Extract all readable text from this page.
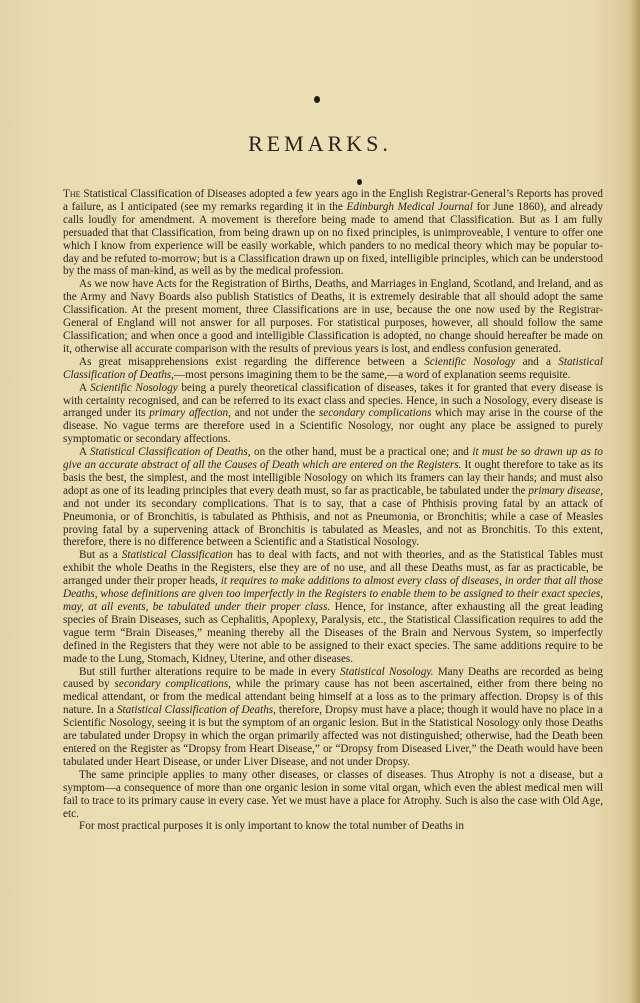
REMARKS.

The Statistical Classification of Diseases adopted a few years ago in the English Registrar-General’s Reports has proved a failure, as I anticipated (see my remarks regarding it in the Edinburgh Medical Journal for June 1860), and already calls loudly for amendment. A movement is therefore being made to amend that Classification. But as I am fully persuaded that that Classification, from being drawn up on no fixed principles, is unimproveable, I venture to offer one which I know from experience will be easily workable, which panders to no medical theory which may be popular to-day and be refuted to-morrow; but is a Classification drawn up on fixed, intelligible principles, which can be understood by the mass of man-kind, as well as by the medical profession.

As we now have Acts for the Registration of Births, Deaths, and Marriages in England, Scotland, and Ireland, and as the Army and Navy Boards also publish Statistics of Deaths, it is extremely desirable that all should adopt the same Classification. At the present moment, three Classifications are in use, because the one now used by the Registrar-General of England will not answer for all purposes. For statistical purposes, however, all should follow the same Classification; and when once a good and intelligible Classification is adopted, no change should hereafter be made on it, otherwise all accurate comparison with the results of previous years is lost, and endless confusion generated.

As great misapprehensions exist regarding the difference between a Scientific Nosology and a Statistical Classification of Deaths,—most persons imagining them to be the same,—a word of explanation seems requisite.

A Scientific Nosology being a purely theoretical classification of diseases, takes it for granted that every disease is with certainty recognised, and can be referred to its exact class and species. Hence, in such a Nosology, every disease is arranged under its primary affection, and not under the secondary complications which may arise in the course of the disease. No vague terms are therefore used in a Scientific Nosology, nor ought any place be assigned to purely symptomatic or secondary affections.

A Statistical Classification of Deaths, on the other hand, must be a practical one; and it must be so drawn up as to give an accurate abstract of all the Causes of Death which are entered on the Registers. It ought therefore to take as its basis the best, the simplest, and the most intelligible Nosology on which its framers can lay their hands; and must also adopt as one of its leading principles that every death must, so far as practicable, be tabulated under the primary disease, and not under its secondary complications. That is to say, that a case of Phthisis proving fatal by an attack of Pneumonia, or of Bronchitis, is tabulated as Phthisis, and not as Pneumonia, or Bronchitis; while a case of Measles proving fatal by a supervening attack of Bronchitis is tabulated as Measles, and not as Bronchitis. To this extent, therefore, there is no difference between a Scientific and a Statistical Nosology.

But as a Statistical Classification has to deal with facts, and not with theories, and as the Statistical Tables must exhibit the whole Deaths in the Registers, else they are of no use, and all these Deaths must, as far as practicable, be arranged under their proper heads, it requires to make additions to almost every class of diseases, in order that all those Deaths, whose definitions are given too imperfectly in the Registers to enable them to be assigned to their exact species, may, at all events, be tabulated under their proper class. Hence, for instance, after exhausting all the great leading species of Brain Diseases, such as Cephalitis, Apoplexy, Paralysis, etc., the Statistical Classification requires to add the vague term “Brain Diseases,” meaning thereby all the Diseases of the Brain and Nervous System, so imperfectly defined in the Registers that they were not able to be assigned to their exact species. The same additions require to be made to the Lung, Stomach, Kidney, Uterine, and other diseases.

But still further alterations require to be made in every Statistical Nosology. Many Deaths are recorded as being caused by secondary complications, while the primary cause has not been ascertained, either from there being no medical attendant, or from the medical attendant being himself at a loss as to the primary affection. Dropsy is of this nature. In a Statistical Classification of Deaths, therefore, Dropsy must have a place; though it would have no place in a Scientific Nosology, seeing it is but the symptom of an organic lesion. But in the Statistical Nosology only those Deaths are tabulated under Dropsy in which the organ primarily affected was not distinguished; otherwise, had the Death been entered on the Register as “Dropsy from Heart Disease,” or “Dropsy from Diseased Liver,” the Death would have been tabulated under Heart Disease, or under Liver Disease, and not under Dropsy.

The same principle applies to many other diseases, or classes of diseases. Thus Atrophy is not a disease, but a symptom—a consequence of more than one organic lesion in some vital organ, which even the ablest medical men will fail to trace to its primary cause in every case. Yet we must have a place for Atrophy. Such is also the case with Old Age, etc.

For most practical purposes it is only important to know the total number of Deaths in
